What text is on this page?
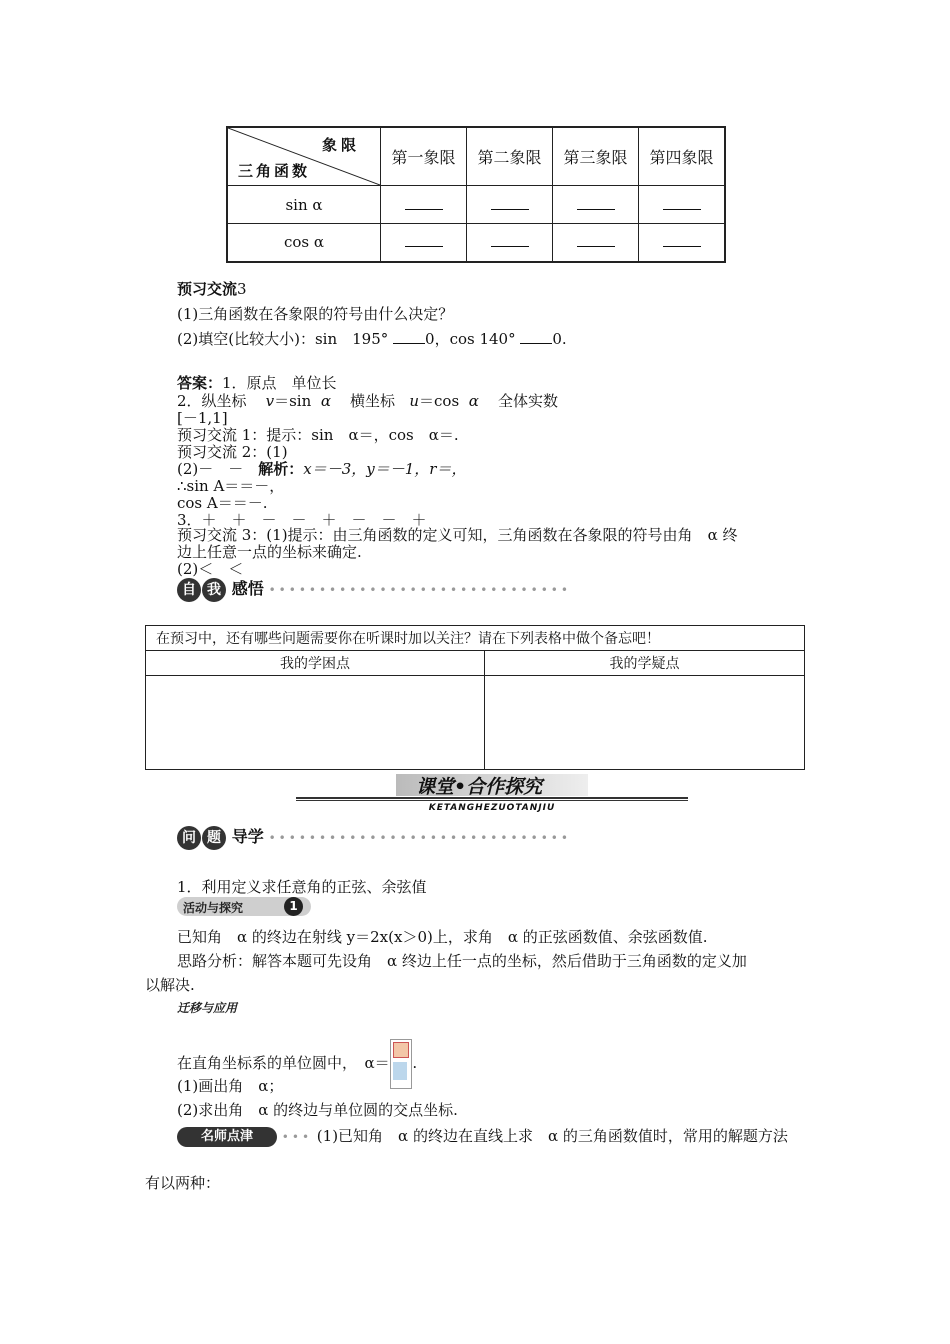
象限
三角函数	第一象限	第二象限	第三象限	第四象限
sin α				
cos α				
预习交流3
(1)三角函数在各象限的符号由什么决定？
(2)填空(比较大小)：sin　195° 0，cos 140° 0.
答案：1．原点　单位长
2．纵坐标 v＝sin α 横坐标 u＝cos α 全体实数
[－1,1]
预习交流 1：提示：sin　α＝，cos　α＝.
预习交流 2：(1)
(2)－　－　解析：x＝－3，y＝－1，r＝，
∴sin A＝＝－，
cos A＝＝－.
3．＋　＋　－　－　＋　－　－　＋
预习交流 3：(1)提示：由三角函数的定义可知，三角函数在各象限的符号由角　α 终
边上任意一点的坐标来确定.
(2)＜　＜
自 我 感悟 ••••••••••••••••••••••••••••••
在预习中，还有哪些问题需要你在听课时加以关注？请在下列表格中做个备忘吧！	
我的学困点	我的学疑点

课堂•合作探究
KETANGHEZUOTANJIU
问 题 导学 ••••••••••••••••••••••••••••••
1．利用定义求任意角的正弦、余弦值
活动与探究	1
已知角　α 的终边在射线 y＝2x(x＞0)上，求角　α 的正弦函数值、余弦函数值.
思路分析：解答本题可先设角　α 终边上任一点的坐标，然后借助于三角函数的定义加
以解决.
迁移与应用
在直角坐标系的单位圆中，　α＝ .
(1)画出角　α；
(2)求出角　α 的终边与单位圆的交点坐标.
名师点津 ••• (1)已知角　α 的终边在直线上求　α 的三角函数值时，常用的解题方法
有以两种：
